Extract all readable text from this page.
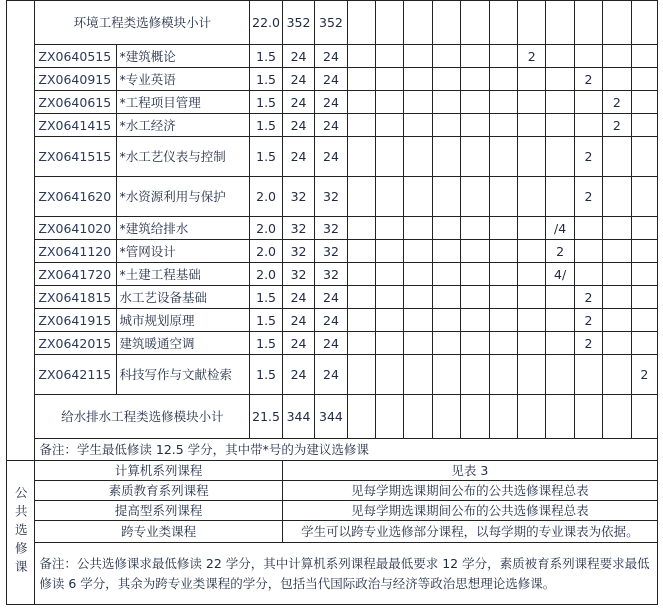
	环境工程类选修模块小计		22.0	352	352											
	ZX0640515	*建筑概论	1.5	24	24							2				
	ZX0640915	*专业英语	1.5	24	24									2		
	ZX0640615	*工程项目管理	1.5	24	24										2	
	ZX0641415	*水工经济	1.5	24	24										2	
	ZX0641515	*水工艺仪表与控制	1.5	24	24									2		
	ZX0641620	*水资源利用与保护	2.0	32	32									2		
	ZX0641020	*建筑给排水	2.0	32	32								/4			
	ZX0641120	*管网设计	2.0	32	32								2			
	ZX0641720	*土建工程基础	2.0	32	32								4/			
	ZX0641815	水工艺设备基础	1.5	24	24									2		
	ZX0641915	城市规划原理	1.5	24	24									2		
	ZX0642015	建筑暖通空调	1.5	24	24									2		
	ZX0642115	科技写作与文献检索	1.5	24	24											2
	给水排水工程类选修模块小计		21.5	344	344											
	备注：学生最低修读 12.5 学分，其中带*号的为建议选修课															
公共选修课	计算机系列课程			见表 3												
	素质教育系列课程			见每学期选课期间公布的公共选修课程总表												
	提高型系列课程			见每学期选课期间公布的公共选修课程总表												
	跨专业类课程			学生可以跨专业选修部分课程，以每学期的专业课表为依据。												
	备注：公共选修课求最低修读 22 学分，其中计算机系列课程最最低要求 12 学分，素质被育系列课程要求最低修读 6 学分，其余为跨专业类课程的学分，包括当代国际政治与经济等政治思想理论选修课。															
